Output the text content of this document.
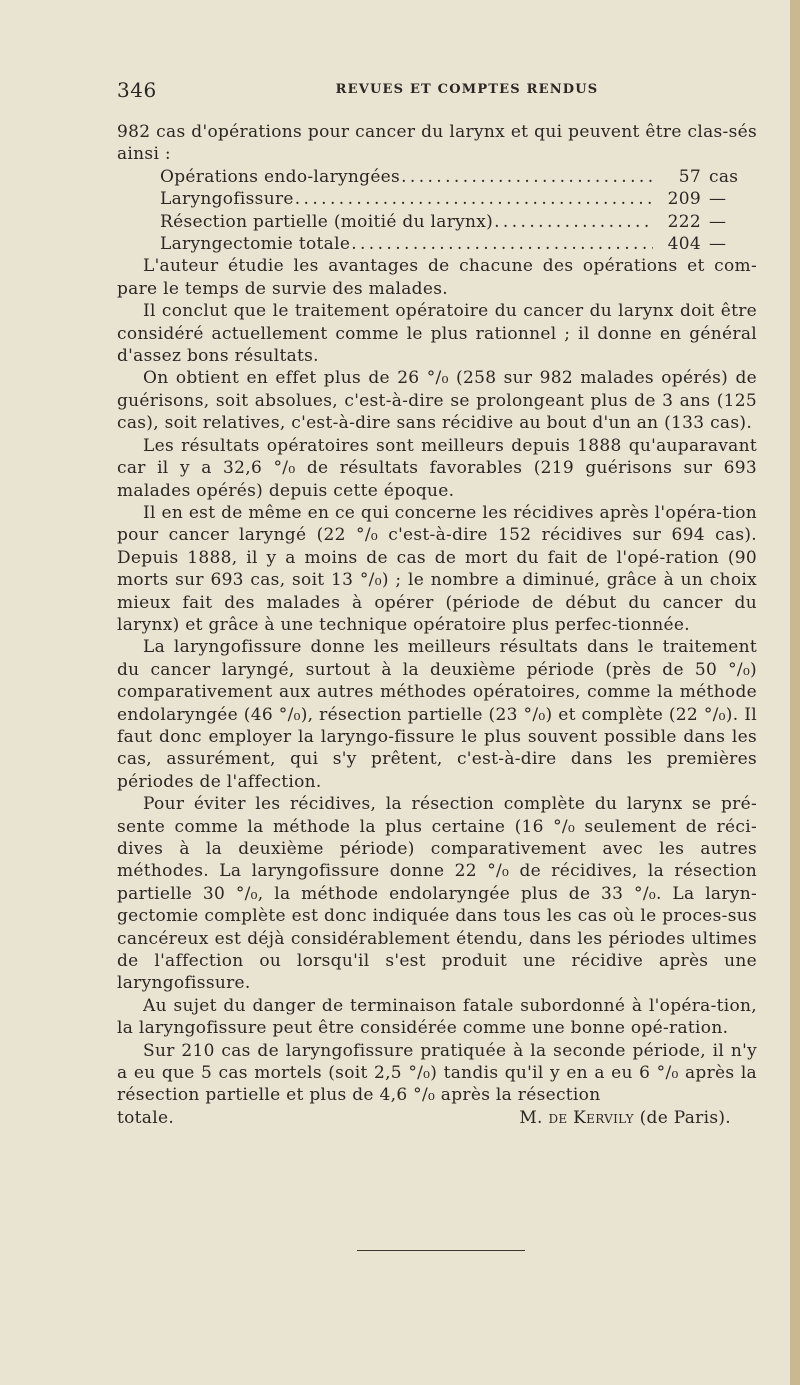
346	REVUES ET COMPTES RENDUS

982 cas d'opérations pour cancer du larynx et qui peuvent être clas-sés ainsi :

Opérations endo-laryngées . . .	57 cas
Laryngofissure . . .	209 —
Résection partielle (moitié du larynx) . . .	222 —
Laryngectomie totale . . .	404 —

L'auteur étudie les avantages de chacune des opérations et com-pare le temps de survie des malades.

Il conclut que le traitement opératoire du cancer du larynx doit être considéré actuellement comme le plus rationnel ; il donne en général d'assez bons résultats.

On obtient en effet plus de 26 °/₀ (258 sur 982 malades opérés) de guérisons, soit absolues, c'est-à-dire se prolongeant plus de 3 ans (125 cas), soit relatives, c'est-à-dire sans récidive au bout d'un an (133 cas).

Les résultats opératoires sont meilleurs depuis 1888 qu'auparavant car il y a 32,6 °/₀ de résultats favorables (219 guérisons sur 693 malades opérés) depuis cette époque.

Il en est de même en ce qui concerne les récidives après l'opéra-tion pour cancer laryngé (22 °/₀ c'est-à-dire 152 récidives sur 694 cas). Depuis 1888, il y a moins de cas de mort du fait de l'opé-ration (90 morts sur 693 cas, soit 13 °/₀) ; le nombre a diminué, grâce à un choix mieux fait des malades à opérer (période de début du cancer du larynx) et grâce à une technique opératoire plus perfec-tionnée.

La laryngofissure donne les meilleurs résultats dans le traitement du cancer laryngé, surtout à la deuxième période (près de 50 °/₀) comparativement aux autres méthodes opératoires, comme la méthode endolaryngée (46 °/₀), résection partielle (23 °/₀) et complète (22 °/₀). Il faut donc employer la laryngo-fissure le plus souvent possible dans les cas, assurément, qui s'y prêtent, c'est-à-dire dans les premières périodes de l'affection.

Pour éviter les récidives, la résection complète du larynx se pré-sente comme la méthode la plus certaine (16 °/₀ seulement de réci-dives à la deuxième période) comparativement avec les autres méthodes. La laryngofissure donne 22 °/₀ de récidives, la résection partielle 30 °/₀, la méthode endolaryngée plus de 33 °/₀. La laryn-gectomie complète est donc indiquée dans tous les cas où le proces-sus cancéreux est déjà considérablement étendu, dans les périodes ultimes de l'affection ou lorsqu'il s'est produit une récidive après une laryngofissure.

Au sujet du danger de terminaison fatale subordonné à l'opéra-tion, la laryngofissure peut être considérée comme une bonne opé-ration.

Sur 210 cas de laryngofissure pratiquée à la seconde période, il n'y a eu que 5 cas mortels (soit 2,5 °/₀) tandis qu'il y en a eu 6 °/₀ après la résection partielle et plus de 4,6 °/₀ après la résection

totale.	M. de Kervily (de Paris).
